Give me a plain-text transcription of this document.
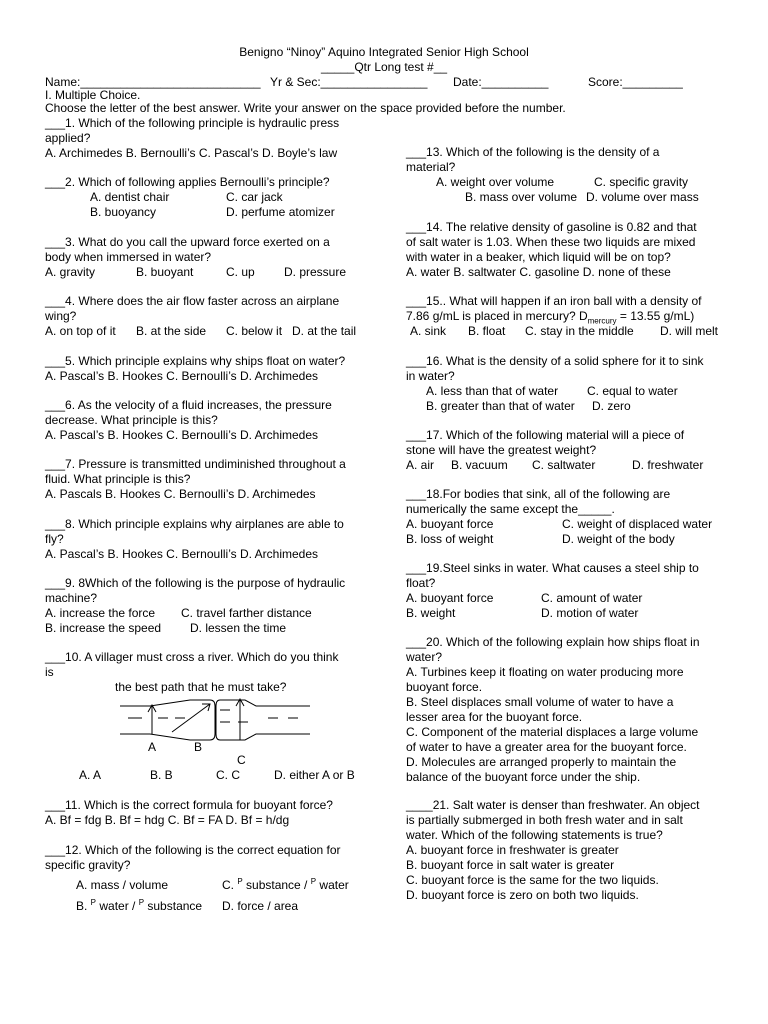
Benigno “Ninoy” Aquino Integrated Senior High School
_____Qtr Long test #__
Name:___________________________ Yr & Sec:________________ Date:__________	Score:_________
I. Multiple Choice.
Choose the letter of the best answer. Write your answer on the space provided before the number.
___1. Which of the following principle is hydraulic press
applied?
A. Archimedes B. Bernoulli’s C. Pascal’s D. Boyle’s law
___2. Which of following applies Bernoulli’s principle?
A. dentist chair	C. car jack
B. buoyancy	D. perfume atomizer
___3. What do you call the upward force exerted on a
body when immersed in water?
A. gravity	B. buoyant	C. up D. pressure
___4. Where does the air flow faster across an airplane
wing?
A. on top of it B. at the side C. below it D. at the tail
___5. Which principle explains why ships float on water?
A. Pascal’s B. Hookes C. Bernoulli’s D. Archimedes
___6. As the velocity of a fluid increases, the pressure
decrease. What principle is this?
A. Pascal’s B. Hookes C. Bernoulli’s D. Archimedes
___7. Pressure is transmitted undiminished throughout a
fluid. What principle is this?
A. Pascals B. Hookes C. Bernoulli’s D. Archimedes
___8. Which principle explains why airplanes are able to
fly?
A. Pascal’s B. Hookes C. Bernoulli’s D. Archimedes
___9. 8Which of the following is the purpose of hydraulic
machine?
A. increase the force C. travel farther distance
B. increase the speed D. lessen the time
___10. A villager must cross a river. Which do you think
is
the best path that he must take?
A	B
C
A. A	B. B	C. C	D. either A or B
___11. Which is the correct formula for buoyant force?
A. Bf = fdg B. Bf = hdg C. Bf = FA D. Bf = h/dg
___12. Which of the following is the correct equation for
specific gravity?
A. mass / volume	C. $^P$ substance / $^P$ water
B. $^P$ water / $^P$ substance D. force / area
___13. Which of the following is the density of a
material?
A. weight over volume	C. specific gravity
B. mass over volume D. volume over mass
___14. The relative density of gasoline is 0.82 and that
of salt water is 1.03. When these two liquids are mixed
with water in a beaker, which liquid will be on top?
A. water B. saltwater C. gasoline D. none of these
___15.. What will happen if an iron ball with a density of
7.86 g/mL is placed in mercury? $D_{mercury} = 13.55$ g/mL)
A. sink B. float C. stay in the middle D. will melt
___16. What is the density of a solid sphere for it to sink
in water?
A. less than that of water C. equal to water
B. greater than that of water D. zero
___17. Which of the following material will a piece of
stone will have the greatest weight?
A. air B. vacuum C. saltwater	D. freshwater
___18.For bodies that sink, all of the following are
numerically the same except the_____.
A. buoyant force	C. weight of displaced water
B. loss of weight	D. weight of the body
___19.Steel sinks in water. What causes a steel ship to
float?
A. buoyant force	C. amount of water
B. weight	D. motion of water
___20. Which of the following explain how ships float in
water?
A. Turbines keep it floating on water producing more
buoyant force.
B. Steel displaces small volume of water to have a
lesser area for the buoyant force.
C. Component of the material displaces a large volume
of water to have a greater area for the buoyant force.
D. Molecules are arranged properly to maintain the
balance of the buoyant force under the ship.
____21. Salt water is denser than freshwater. An object
is partially submerged in both fresh water and in salt
water. Which of the following statements is true?
A. buoyant force in freshwater is greater
B. buoyant force in salt water is greater
C. buoyant force is the same for the two liquids.
D. buoyant force is zero on both two liquids.
